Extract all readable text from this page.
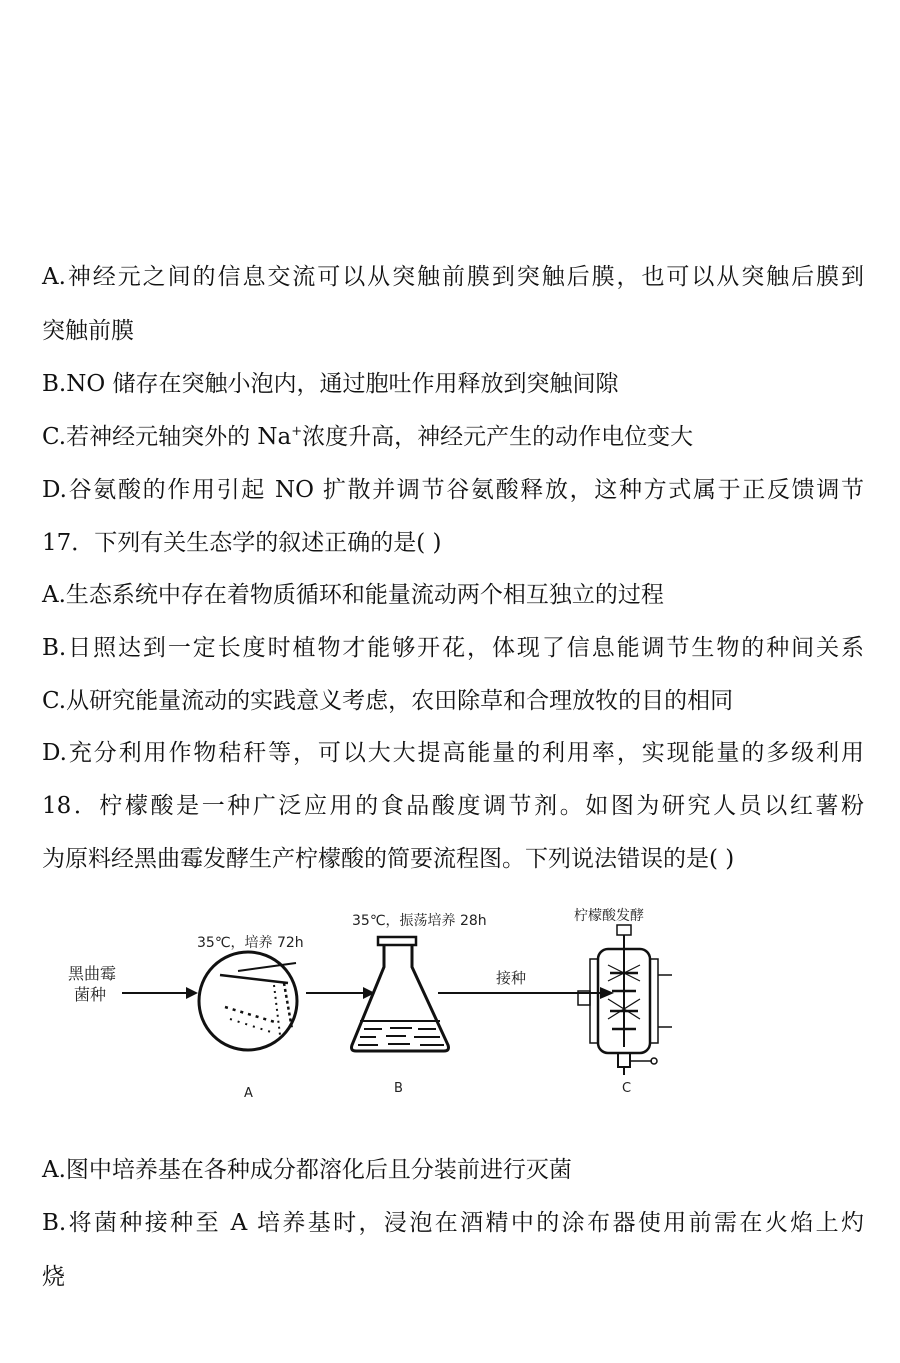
A.神经元之间的信息交流可以从突触前膜到突触后膜，也可以从突触后膜到
突触前膜
B.NO 储存在突触小泡内，通过胞吐作用释放到突触间隙
C.若神经元轴突外的 Na+浓度升高，神经元产生的动作电位变大
D.谷氨酸的作用引起 NO 扩散并调节谷氨酸释放，这种方式属于正反馈调节
17．下列有关生态学的叙述正确的是( )
A.生态系统中存在着物质循环和能量流动两个相互独立的过程
B.日照达到一定长度时植物才能够开花，体现了信息能调节生物的种间关系
C.从研究能量流动的实践意义考虑，农田除草和合理放牧的目的相同
D.充分利用作物秸秆等，可以大大提高能量的利用率，实现能量的多级利用
18．柠檬酸是一种广泛应用的食品酸度调节剂。如图为研究人员以红薯粉
为原料经黑曲霉发酵生产柠檬酸的简要流程图。下列说法错误的是( )
黑曲霉
菌种
35℃，培养 72h
A
35℃，振荡培养 28h
B
接种
柠檬酸发酵
C
A.图中培养基在各种成分都溶化后且分装前进行灭菌
B.将菌种接种至 A 培养基时，浸泡在酒精中的涂布器使用前需在火焰上灼
烧
